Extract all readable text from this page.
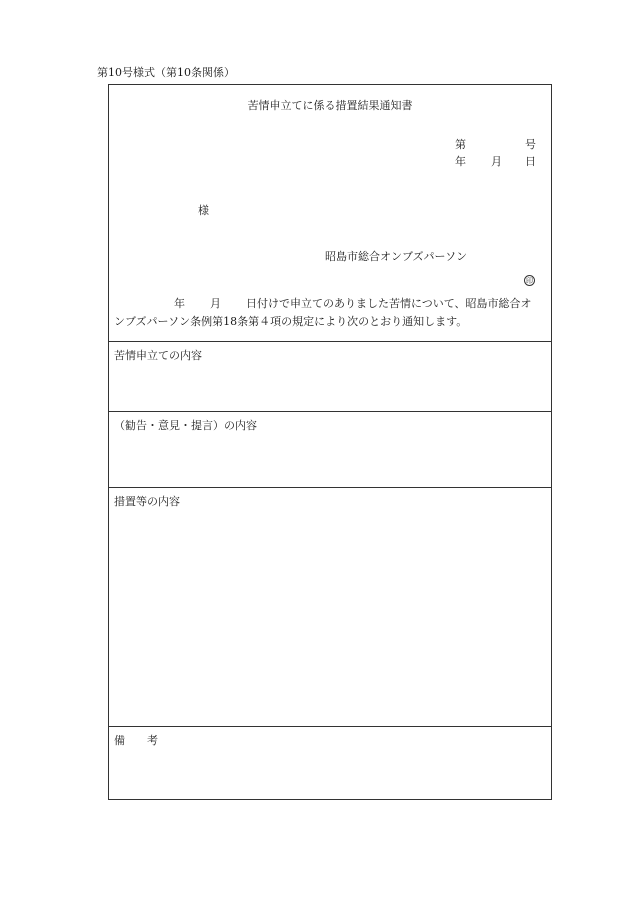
第10号様式（第10条関係）
苦情申立てに係る措置結果通知書
第	号
年 月 日
様
昭島市総合オンブズパーソン
印
年 月 日付けで申立てのありました苦情について、昭島市総合オ
ンブズパーソン条例第18条第４項の規定により次のとおり通知します。
苦情申立ての内容
（勧告・意見・提言）の内容
措置等の内容
備　　考
